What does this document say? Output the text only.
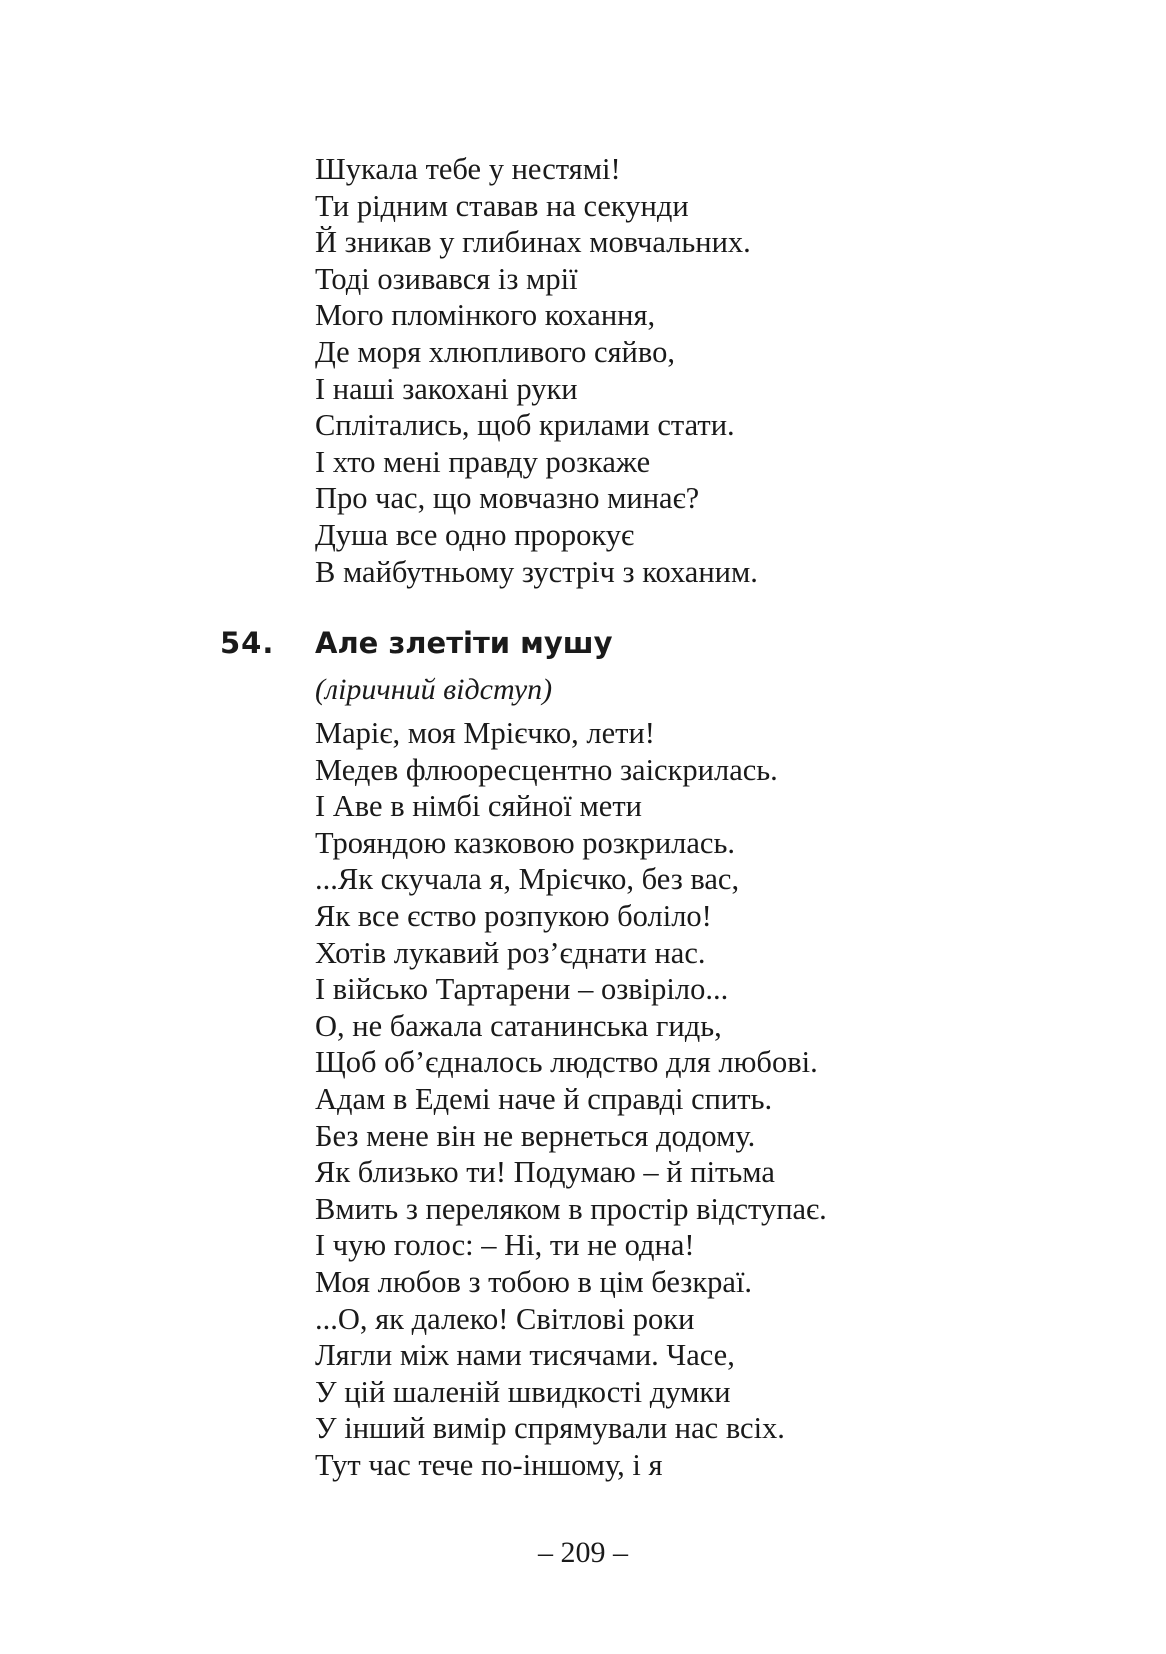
Шукала тебе у нестямі!
Ти рідним ставав на секунди
Й зникав у глибинах мовчальних.
Тоді озивався із мрії
Мого пломінкого кохання,
Де моря хлюпливого сяйво,
І наші закохані руки
Сплітались, щоб крилами стати.
І хто мені правду розкаже
Про час, що мовчазно минає?
Душа все одно пророкує
В майбутньому зустріч з коханим.
54. Але злетіти мушу
(ліричний відступ)
Маріє, моя Мрієчко, лети!
Медев флюоресцентно заіскрилась.
І Аве в німбі сяйної мети
Трояндою казковою розкрилась.
...Як скучала я, Мрієчко, без вас,
Як все єство розпукою боліло!
Хотів лукавий роз’єднати нас.
І військо Тартарени – озвіріло...
О, не бажала сатанинська гидь,
Щоб об’єдналось людство для любові.
Адам в Едемі наче й справді спить.
Без мене він не вернеться додому.
Як близько ти! Подумаю – й пітьма
Вмить з переляком в простір відступає.
І чую голос: – Ні, ти не одна!
Моя любов з тобою в цім безкраї.
...О, як далеко! Світлові роки
Лягли між нами тисячами. Часе,
У цій шаленій швидкості думки
У інший вимір спрямували нас всіх.
Тут час тече по-іншому, і я
– 209 –
